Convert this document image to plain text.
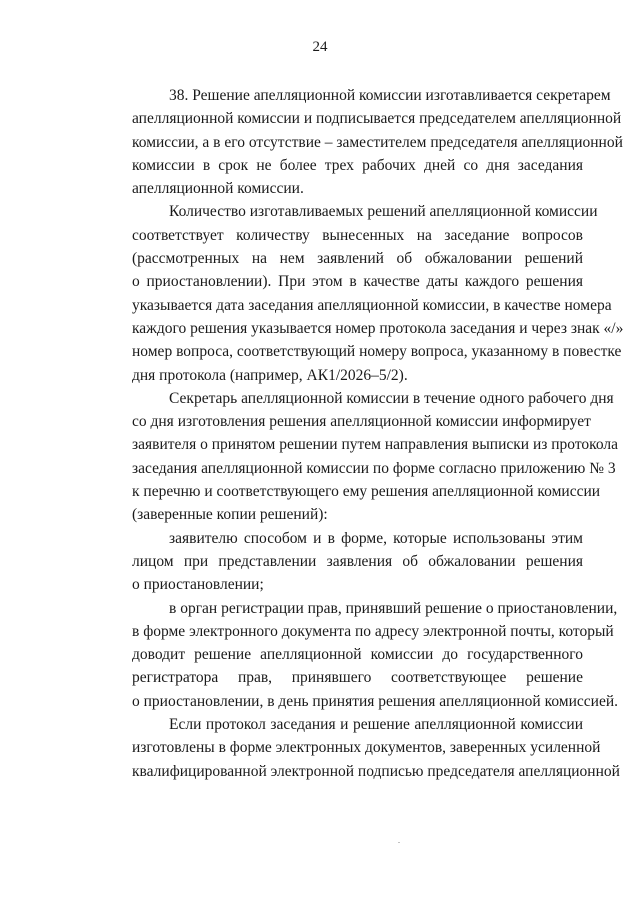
24
38. Решение апелляционной комиссии изготавливается секретарем
апелляционной комиссии и подписывается председателем апелляционной
комиссии, а в его отсутствие – заместителем председателя апелляционной
комиссии в срок не более трех рабочих дней со дня заседания
апелляционной комиссии.
Количество изготавливаемых решений апелляционной комиссии
соответствует количеству вынесенных на заседание вопросов
(рассмотренных на нем заявлений об обжаловании решений
о приостановлении). При этом в качестве даты каждого решения
указывается дата заседания апелляционной комиссии, в качестве номера
каждого решения указывается номер протокола заседания и через знак «/»
номер вопроса, соответствующий номеру вопроса, указанному в повестке
дня протокола (например, АК1/2026–5/2).
Секретарь апелляционной комиссии в течение одного рабочего дня
со дня изготовления решения апелляционной комиссии информирует
заявителя о принятом решении путем направления выписки из протокола
заседания апелляционной комиссии по форме согласно приложению № 3
к перечню и соответствующего ему решения апелляционной комиссии
(заверенные копии решений):
заявителю способом и в форме, которые использованы этим
лицом при представлении заявления об обжаловании решения
о приостановлении;
в орган регистрации прав, принявший решение о приостановлении,
в форме электронного документа по адресу электронной почты, который
доводит решение апелляционной комиссии до государственного
регистратора прав, принявшего соответствующее решение
о приостановлении, в день принятия решения апелляционной комиссией.
Если протокол заседания и решение апелляционной комиссии
изготовлены в форме электронных документов, заверенных усиленной
квалифицированной электронной подписью председателя апелляционной
